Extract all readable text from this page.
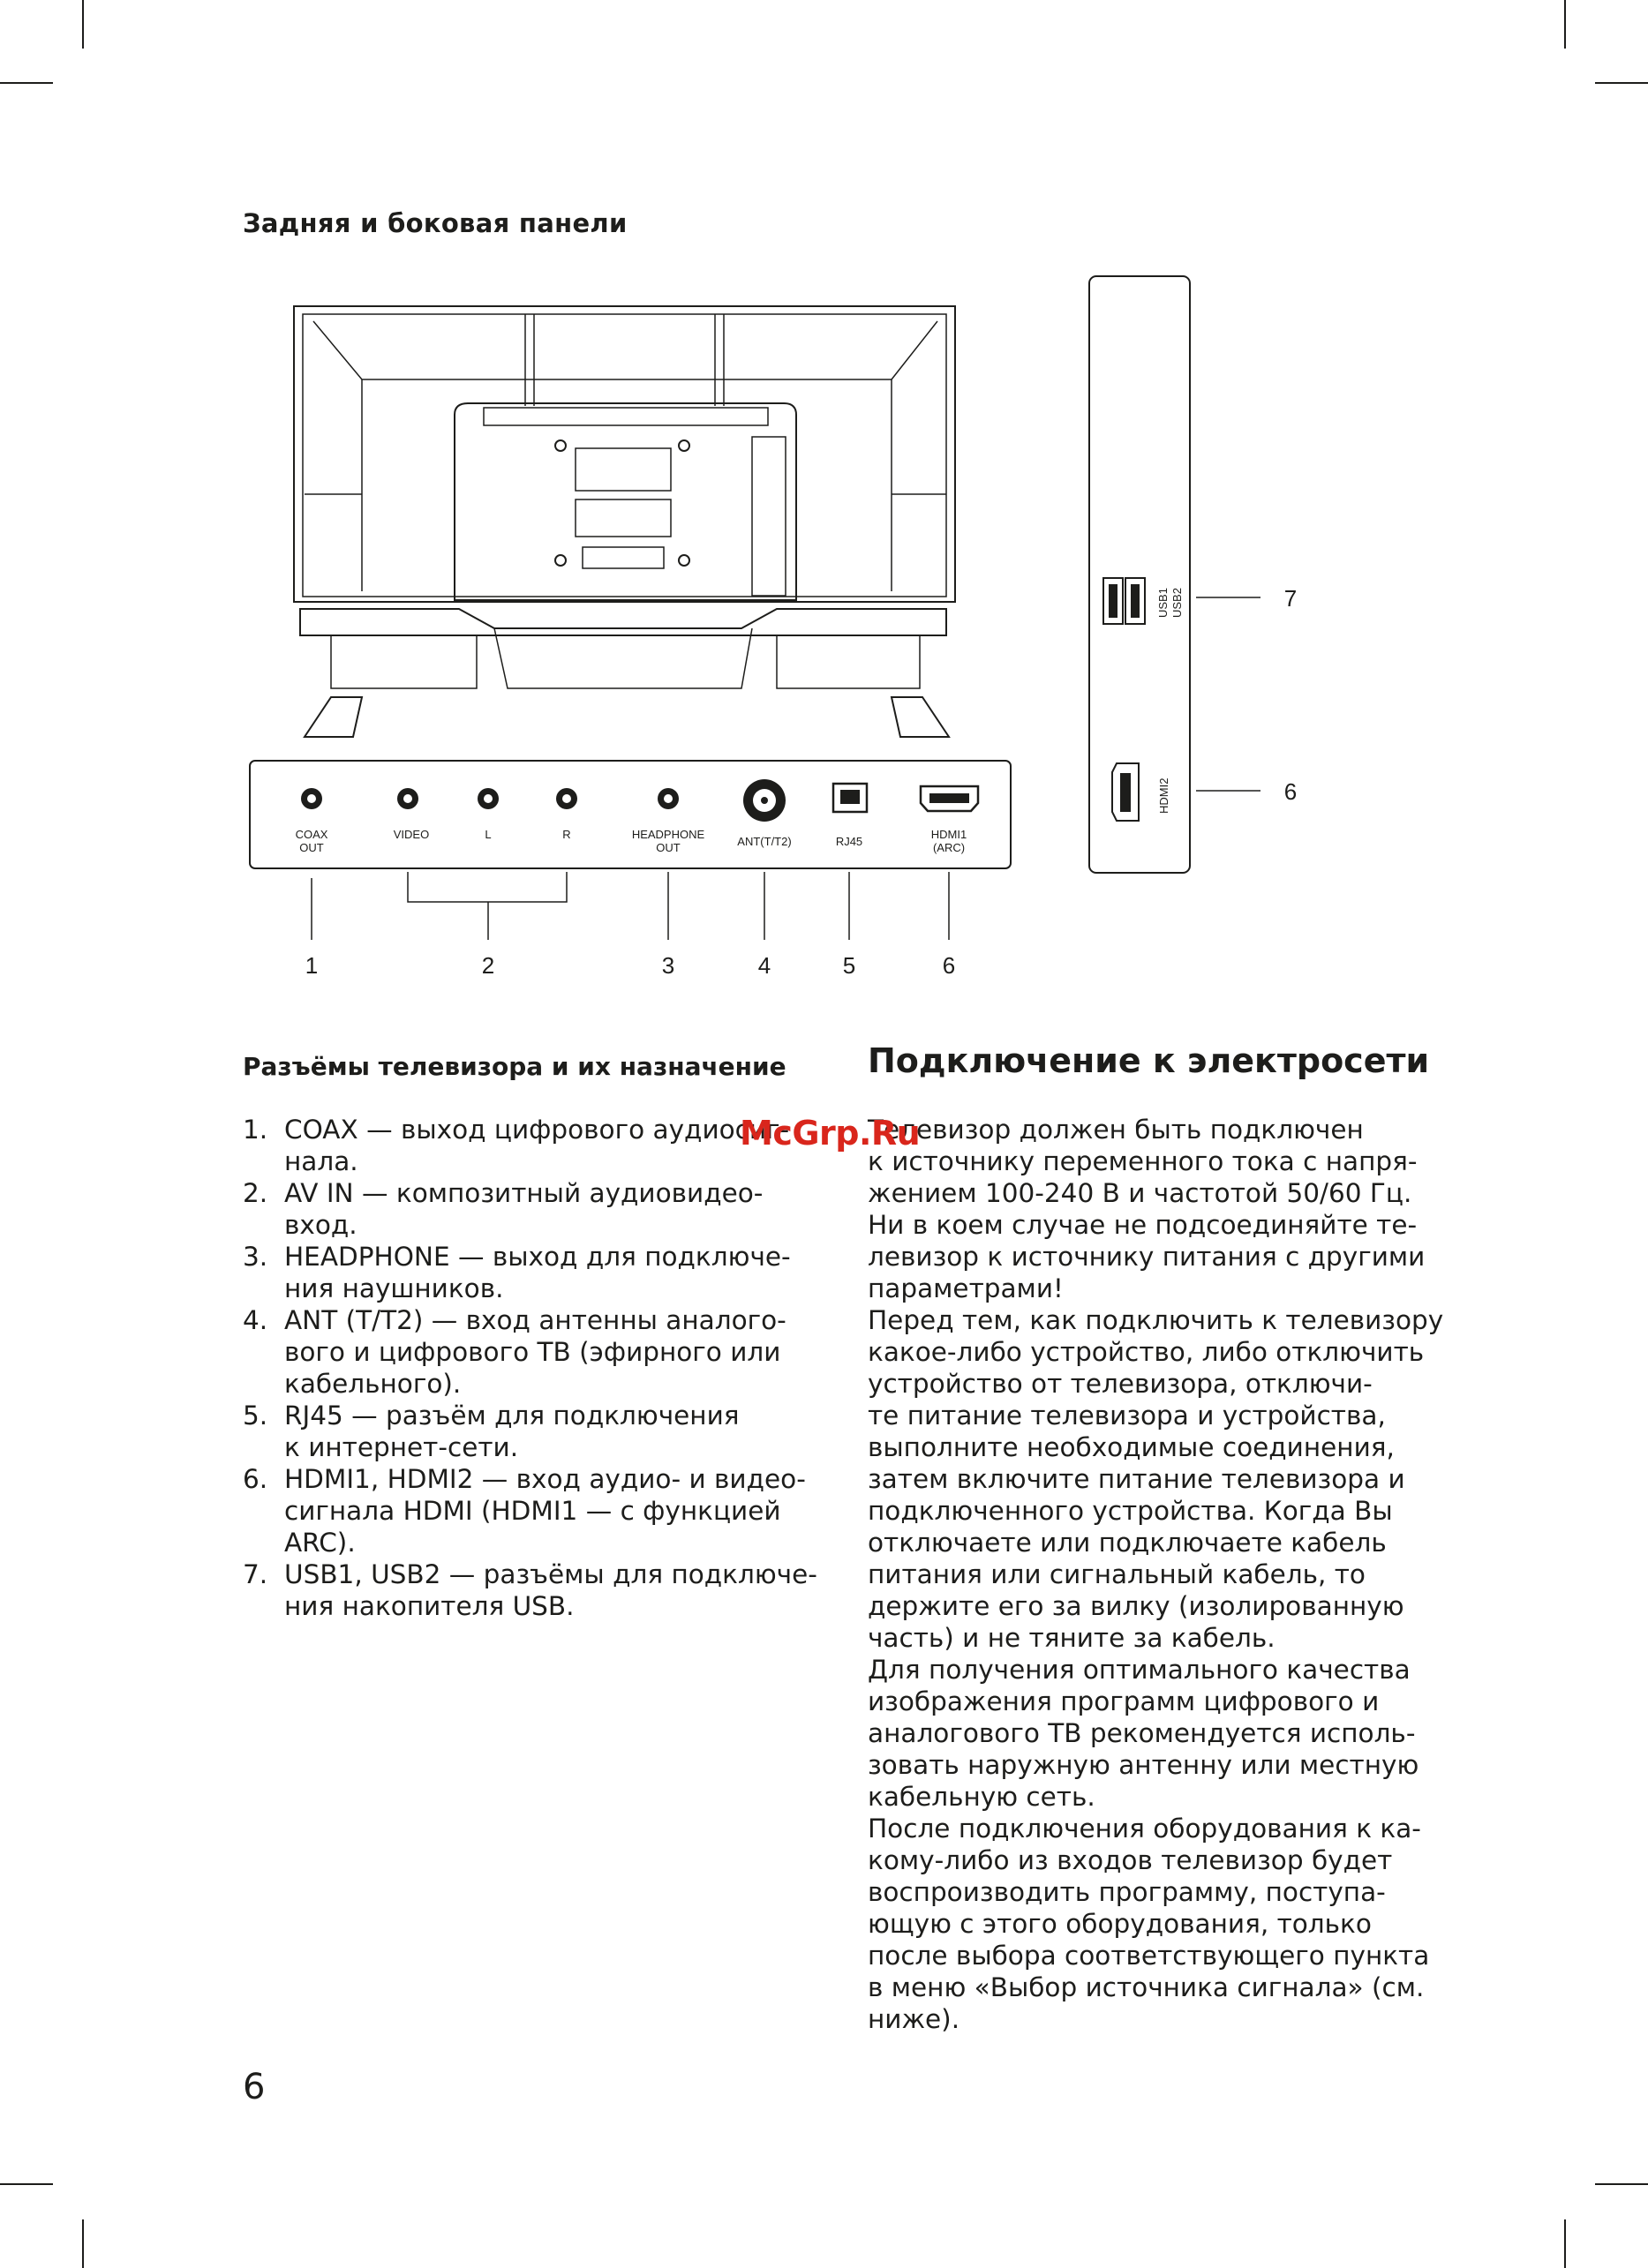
Задняя и боковая панели
COAX
OUT
VIDEO	L	R	HEADPHONE
OUT	ANT(T/T2)	RJ45
HDMI1
(ARC)
1	2	3	4	5	6
7
6
USB1 USB2
HDMI2
Разъёмы телевизора и их назначение
1. COAX — выход цифрового аудиосиг-
нала.
2. AV IN — композитный аудиовидео-
вход.
3. HEADPHONE — выход для подключе-
ния наушников.
4. ANT (T/T2) — вход антенны аналого-
вого и цифрового ТВ (эфирного или
кабельного).
5. RJ45 — разъём для подключения
к интернет-сети.
6. HDMI1, HDMI2 — вход аудио- и видео-
сигнала HDMI (HDMI1 — с функцией
ARC).
7. USB1, USB2 — разъёмы для подключе-
ния накопителя USB.
Подключение к электросети

Телевизор должен быть подключен
к источнику переменного тока с напря-
жением 100-240 В и частотой 50/60 Гц.
Ни в коем случае не подсоединяйте те-
левизор к источнику питания с другими
параметрами!

Перед тем, как подключить к телевизору
какое-либо устройство, либо отключить
устройство от телевизора, отключи-
те питание телевизора и устройства,
выполните необходимые соединения,
затем включите питание телевизора и
подключенного устройства. Когда Вы
отключаете или подключаете кабель
питания или сигнальный кабель, то
держите его за вилку (изолированную
часть) и не тяните за кабель.

Для получения оптимального качества
изображения программ цифрового и
аналогового ТВ рекомендуется исполь-
зовать наружную антенну или местную
кабельную сеть.

После подключения оборудования к ка-
кому-либо из входов телевизор будет
воспроизводить программу, поступа-
ющую с этого оборудования, только
после выбора соответствующего пункта
в меню «Выбор источника сигнала» (см.
ниже).

McGrp.Ru
6
